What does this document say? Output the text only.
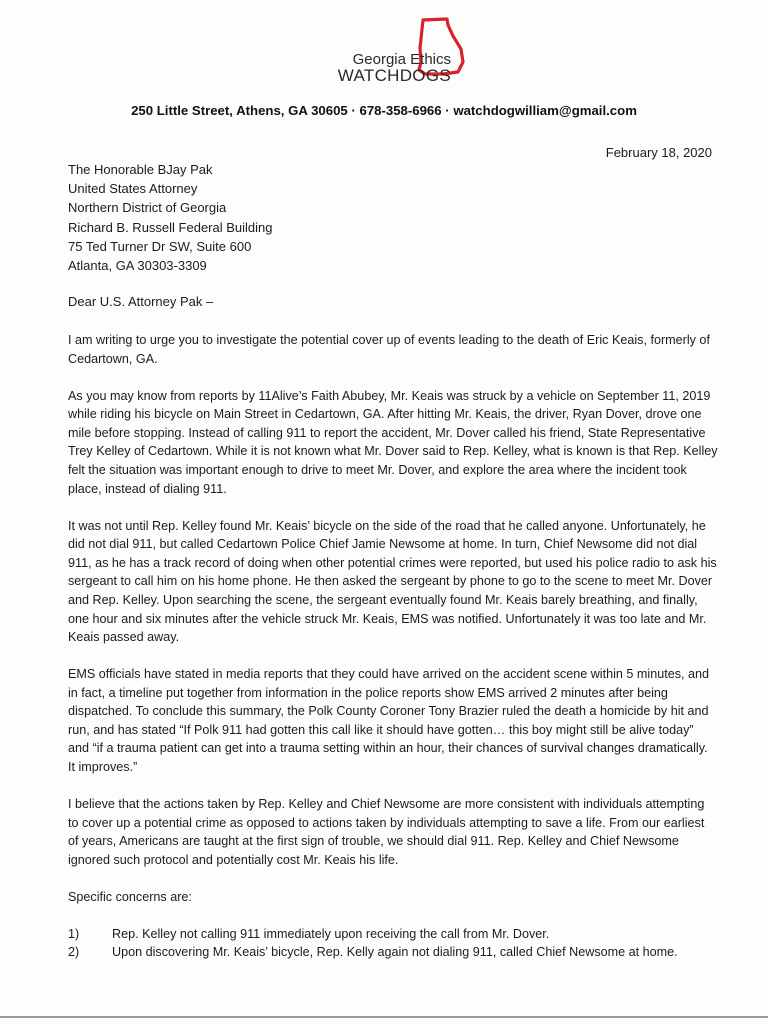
Georgia Ethics
WATCHDOGS
250 Little Street, Athens, GA 30605 · 678-358-6966 · watchdogwilliam@gmail.com
February 18, 2020
The Honorable BJay Pak
United States Attorney
Northern District of Georgia
Richard B. Russell Federal Building
75 Ted Turner Dr SW, Suite 600
Atlanta, GA 30303-3309
Dear U.S. Attorney Pak –

I am writing to urge you to investigate the potential cover up of events leading to the death of Eric Keais, formerly of Cedartown, GA.

As you may know from reports by 11Alive’s Faith Abubey, Mr. Keais was struck by a vehicle on September 11, 2019 while riding his bicycle on Main Street in Cedartown, GA. After hitting Mr. Keais, the driver, Ryan Dover, drove one mile before stopping. Instead of calling 911 to report the accident, Mr. Dover called his friend, State Representative Trey Kelley of Cedartown. While it is not known what Mr. Dover said to Rep. Kelley, what is known is that Rep. Kelley felt the situation was important enough to drive to meet Mr. Dover, and explore the area where the incident took place, instead of dialing 911.

It was not until Rep. Kelley found Mr. Keais’ bicycle on the side of the road that he called anyone. Unfortunately, he did not dial 911, but called Cedartown Police Chief Jamie Newsome at home. In turn, Chief Newsome did not dial 911, as he has a track record of doing when other potential crimes were reported, but used his police radio to ask his sergeant to call him on his home phone. He then asked the sergeant by phone to go to the scene to meet Mr. Dover and Rep. Kelley. Upon searching the scene, the sergeant eventually found Mr. Keais barely breathing, and finally, one hour and six minutes after the vehicle struck Mr. Keais, EMS was notified. Unfortunately it was too late and Mr. Keais passed away.

EMS officials have stated in media reports that they could have arrived on the accident scene within 5 minutes, and in fact, a timeline put together from information in the police reports show EMS arrived 2 minutes after being dispatched. To conclude this summary, the Polk County Coroner Tony Brazier ruled the death a homicide by hit and run, and has stated “If Polk 911 had gotten this call like it should have gotten… this boy might still be alive today” and “if a trauma patient can get into a trauma setting within an hour, their chances of survival changes dramatically. It improves.”

I believe that the actions taken by Rep. Kelley and Chief Newsome are more consistent with individuals attempting to cover up a potential crime as opposed to actions taken by individuals attempting to save a life. From our earliest of years, Americans are taught at the first sign of trouble, we should dial 911. Rep. Kelley and Chief Newsome ignored such protocol and potentially cost Mr. Keais his life.

Specific concerns are:

1)	Rep. Kelley not calling 911 immediately upon receiving the call from Mr. Dover.
2)	Upon discovering Mr. Keais’ bicycle, Rep. Kelly again not dialing 911, called Chief Newsome at home.
